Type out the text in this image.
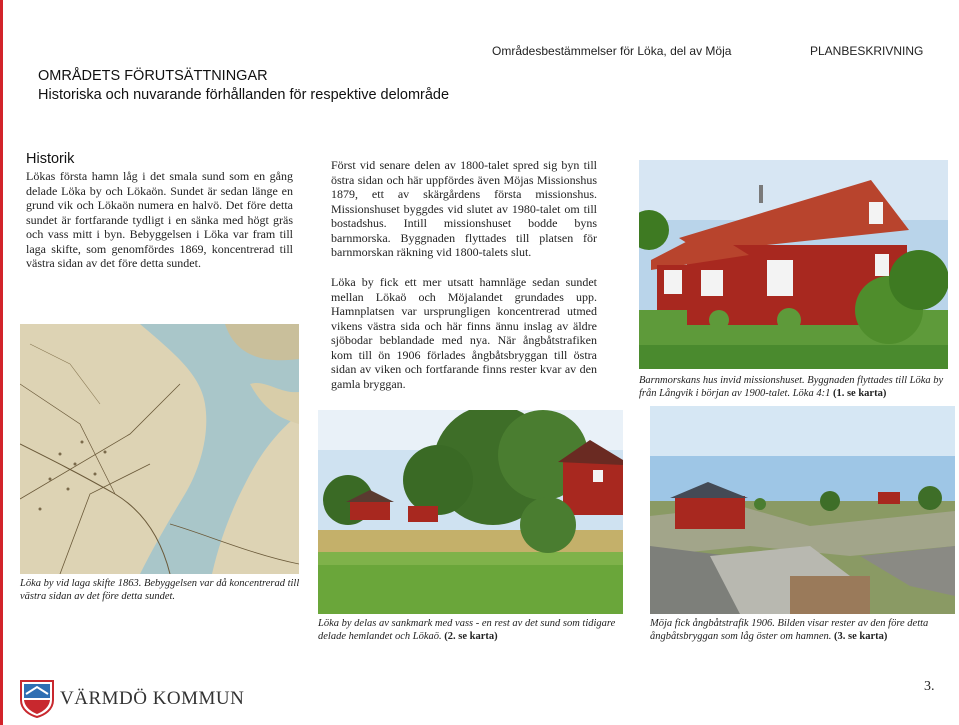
Områdesbestämmelser för Löka, del av Möja	PLANBESKRIVNING
OMRÅDETS FÖRUTSÄTTNINGAR
Historiska och nuvarande förhållanden för respektive delområde
Historik

Lökas första hamn låg i det smala sund som en gång delade Löka by och Lökaön. Sundet är sedan länge en grund vik och Lökaön numera en halvö. Det före detta sundet är fortfarande tydligt i en sänka med högt gräs och vass mitt i byn. Bebyggelsen i Löka var fram till laga skifte, som genomfördes 1869, koncentrerad till västra sidan av det före detta sundet.

Först vid senare delen av 1800-talet spred sig byn till östra sidan och här uppfördes även Möjas Missionshus 1879, ett av skärgårdens första missionshus. Missionshuset byggdes vid slutet av 1980-talet om till bostadshus. Intill missionshuset bodde byns barnmorska. Byggnaden flyttades till platsen för barnmorskan räkning vid 1800-talets slut.

Löka by fick ett mer utsatt hamnläge sedan sundet mellan Lökaö och Möjalandet grundades upp. Hamnplatsen var ursprungligen koncentrerad utmed vikens västra sida och här finns ännu inslag av äldre sjöbodar beblandade med nya. När ångbåtstrafiken kom till ön 1906 förlades ångbåtsbryggan till östra sidan av viken och fortfarande finns rester kvar av den gamla bryggan.

Löka by vid laga skifte 1863. Bebyggelsen var då koncentrerad till västra sidan av det före detta sundet.

Barnmorskans hus invid missionshuset. Byggnaden flyttades till Löka by från Långvik i början av 1900-talet. Löka 4:1 (1. se karta)

Löka by delas av sankmark med vass - en rest av det sund som tidigare delade hemlandet och Lökaö. (2. se karta)

Möja fick ångbåtstrafik 1906. Bilden visar rester av den före detta ångbåtsbryggan som låg öster om hamnen. (3. se karta)

VÄRMDÖ KOMMUN
3.
